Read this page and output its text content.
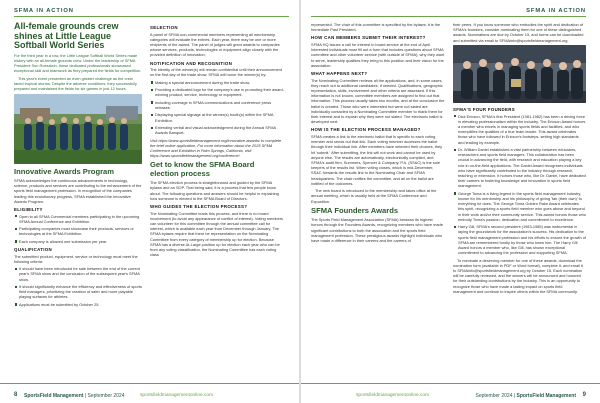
SFMA IN ACTION
All-female grounds crew shines at Little League Softball World Series

For the third year in a row, the Little League Softball World Series made history with an all-female grounds crew. Under the leadership of SFMA President Sun Roesslein, these dedicated professionals showcased exceptional skill and teamwork as they prepared the fields for competition.

This year's event presented an even greater challenge as the crew faced tropical storms. Despite the adverse conditions, they successfully prepared and maintained the fields for six games in just 12 hours.

Innovative Awards Program

SFMA acknowledges the continuous advancements in technology, science, products and services are contributing to the enhancement of the sports field management profession. In recognition of the companies leading this evolutionary progress, SFMA established the Innovative Awards Program.

ELIGIBILITY

Open to all SFMA Commercial members participating in the upcoming SFMA Annual Conference and Exhibition.

Participating companies must showcase their products, services or technologies at the SFMA Exhibition.

Each company is allowed one submission per year.

QUALIFICATION

The submitted product, equipment, service or technology must meet the following criteria:

It should have been introduced for sale between the end of the current year's SFMA show and the conclusion of the subsequent year's SFMA show.

It should significantly enhance the efficiency and effectiveness of sports field managers, prioritizing the creation of safer and more playable playing surfaces for athletes.

Applications must be submitted by October 25.

SELECTION

A panel of SFMA non-commercial members representing all membership categories will evaluate the entries. Each year, there may be one or more recipients of the award. The panel of judges will grant awards to companies whose services, products, technologies or equipment align closely with the provided definition of innovation.

NOTIFICATION AND RECOGNITION

The identity of the winner(s) will remain confidential until their announcement on the first day of the trade show. SFMA will honor the winner(s) by:

Making a special announcement during the trade show.

Providing a dedicated logo for the company's use in promoting their award-winning product, service, technology or equipment.

Including coverage in SFMA communications and conference press releases.

Displaying special signage at the winner(s) booth(s) within the SFMA Exhibition.

Extending verbal and visual acknowledgment during the Annual SFMA Awards Banquet.

Visit https://www.sportsfieldmanagement.org/innovative-awards/ to complete the brief online application. For more information about the 2025 SFMA Conference and Exhibition in Palm Springs, California, visit https://www.sportsfieldmanagement.org/conference/.

Get to know the SFMA Board election process

The SFMA election process is straightforward and guided by the SFMA bylaws and an SOP. That being said, it is a process that few people know about. The following questions and answers should be helpful in explaining how someone is elected to the SFMA Board of Directors.

WHO GUIDES THE ELECTION PROCESS?

The Nominating Committee leads this process, and there is no board involvement (to avoid any appearance of conflict of interest). Voting members can volunteer for this committee through the annual committee call for interest, which is available each year from December through January. The SFMA bylaws require that there be representation on the Nominating Committee from every category of membership up for election. Because SFMA has a diverse At-Large position up for election each year who can be from any voting classification, the Nominating Committee has each voting class

8 SportsField Management | September 2024	sportsfieldmanagementonline.com
SFMA IN ACTION

represented. The chair of this committee is specified by the bylaws; it is the Immediate Past President.

HOW CAN MEMBERS SUBMIT THEIR INTEREST?

SFMA HQ issues a call for interest in board service at the end of April. Interested individuals must fill out a form that includes questions about SFMA committee and other volunteer service (with outside of SFMA), why they want to serve, leadership qualities they bring to this position and their vision for the association.

WHAT HAPPENS NEXT?

The Nominating Committee reviews all the applications, and, in some cases, they reach out to additional candidates, if needed. Qualifications, geographic representation, skills, involvement and other criteria are assessed. If this information is not known, committee members are assigned to find out that information. This process usually takes two months, and at the conclusion the ballot is created. Those who were interested but were not slated are individually contacted by a Nominating Committee member to thank them for their interest and to explain why they were not slated. The electronic ballot is developed next.

HOW IS THE ELECTION PROCESS MANAGED?

SFMA creates a link to the electronic ballot that is specific to each voting member and sends out that link. Each voting member accesses the ballot through their individual link. After members have selected their choices, they hit 'submit.' After submitting, the link will not work and cannot be used by anyone else. The results are automatically, electronically compiled, and SFMA's audit firm, Summers, Spencer & Company, P.A. (SS&C) is the sole keepers of the results list. When voting closes, which is mid-December, SS&C forwards the results link to the Nominating Chair and SFMA headquarters. The chair notifies the committee, and all on the ballot are notified of the outcomes.

The new board is introduced to the membership and takes office at the annual meeting, which is usually held at the SFMA Conference and Exposition.

SFMA Founders Awards

The Sports Field Management Association (SFMA) bestows its highest honors through the Founders Awards, recognizing members who have made significant contributions to both the association and the sports field management profession. These prestigious awards highlight individuals who have made a difference in their careers and the careers of

their peers. If you know someone who embodies the spirit and dedication of SFMA's founders, consider nominating them for one of these distinguished awards. Nominations are due by October 15, and forms can be downloaded and submitted via email to SFMAinfo@sportsfieldmanagement.org.

SFMA'S FOUR FOUNDERS

Dick Ericson, SFMA's first President (1981-1982) has been a driving force in elevating professionalism within the industry. The Ericson Award honors a member who excels in managing sports fields and facilities, and who exemplifies the qualities of a true team leader. This award celebrates those who have followed in Ericson's footsteps, setting high standards and leading by example.

Dr. William Daniel established a vital partnership between educators, researchers and sports field managers. This collaboration has been crucial in advancing the field, with research and education playing a key role in on-the-field applications. The Daniel Award recognizes individuals who have significantly contributed to the industry through research, teaching or extension. It honors those who, like Dr. Daniel, have dedicated their careers to fostering knowledge and innovation in sports field management.

George Toma is a living legend in the sports field management industry, known for his mentorship and his philosophy of giving 'fair (their own)' to everything he does. The George Toma Golden Rake Award celebrates this spirit, recognizing a sports field member who goes above and beyond in their work and/or their community service. This award honors those who embody Toma's passion, dedication and commitment to excellence.

Harry Gill, SFMA's second president (1983-1985) was instrumental in laying the groundwork for the association's success. His dedication to the sports field management profession and his efforts to ensure the growth of SFMA are remembered fondly by those who knew him. The Harry Gill Award honors a member who, like Gill, has shown exceptional commitment to advancing the profession and supporting SFMA.

To nominate a deserving member for one of these awards, download the nomination form (available in PDF or Word format), complete it, and email it to SFMAinfo@sportsfieldmanagement.org by October 15. Each nomination will be carefully reviewed, and the winners will be announced and honored for their outstanding contributions by the industry. This is an opportunity to recognize those who have made a lasting impact on sports field management and continue to inspire others within the SFMA community.

sportsfieldmanagementonline.com	September 2024 | SportsField Management 9
